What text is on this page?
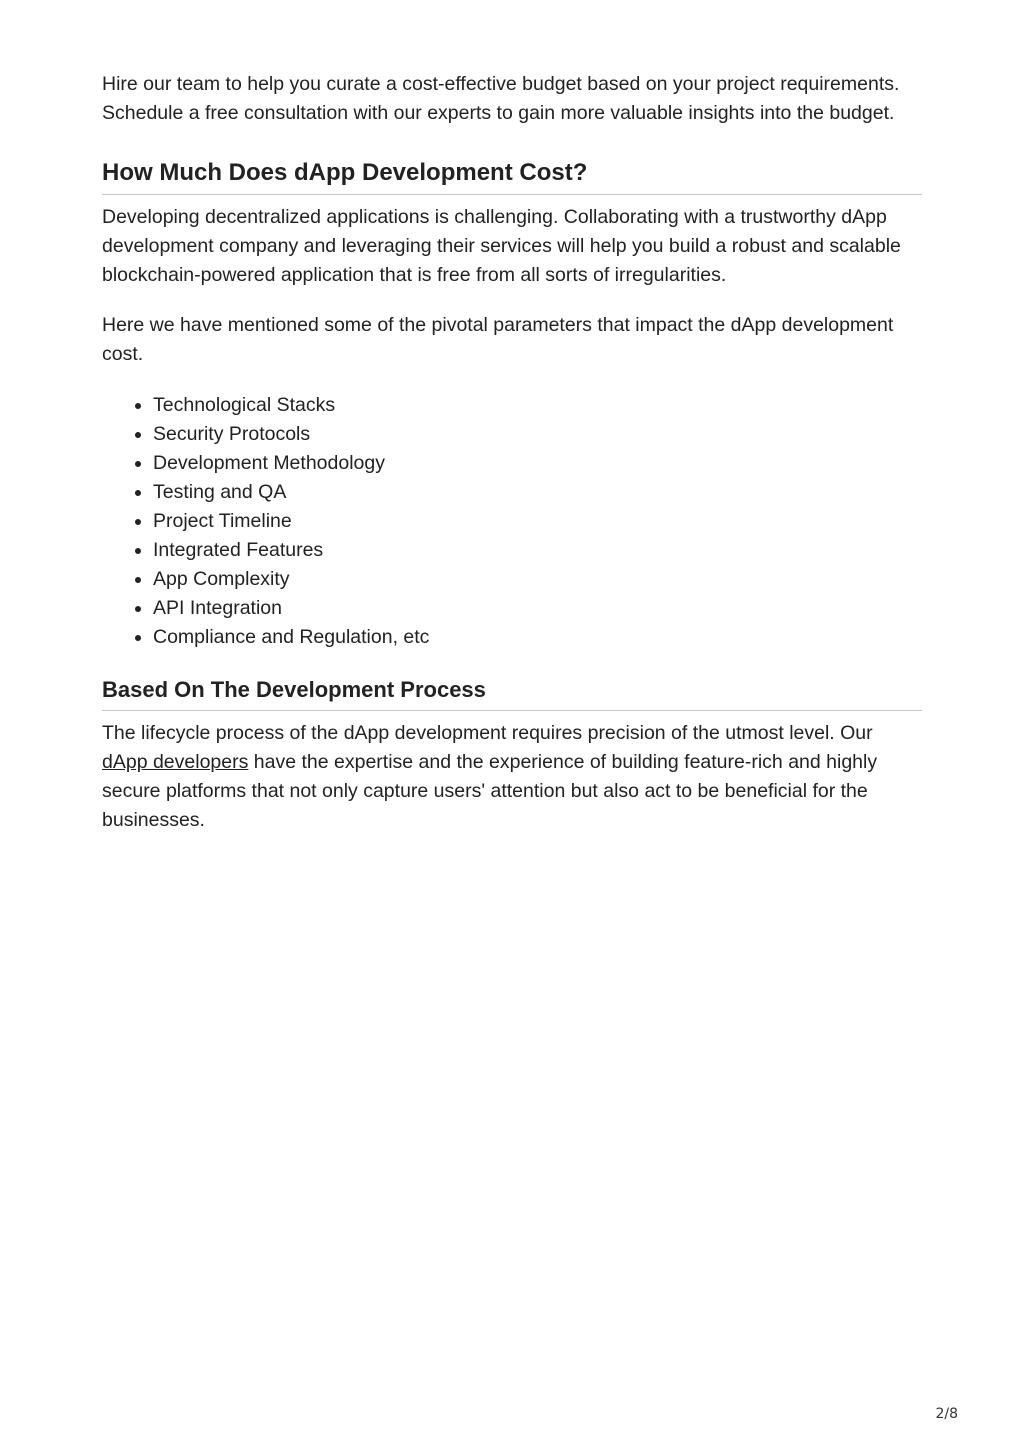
Hire our team to help you curate a cost-effective budget based on your project requirements. Schedule a free consultation with our experts to gain more valuable insights into the budget.

How Much Does dApp Development Cost?

Developing decentralized applications is challenging. Collaborating with a trustworthy dApp development company and leveraging their services will help you build a robust and scalable blockchain-powered application that is free from all sorts of irregularities.

Here we have mentioned some of the pivotal parameters that impact the dApp development cost.

• Technological Stacks
• Security Protocols
• Development Methodology
• Testing and QA
• Project Timeline
• Integrated Features
• App Complexity
• API Integration
• Compliance and Regulation, etc
Based On The Development Process

The lifecycle process of the dApp development requires precision of the utmost level. Our dApp developers have the expertise and the experience of building feature-rich and highly secure platforms that not only capture users' attention but also act to be beneficial for the businesses.

2/8
